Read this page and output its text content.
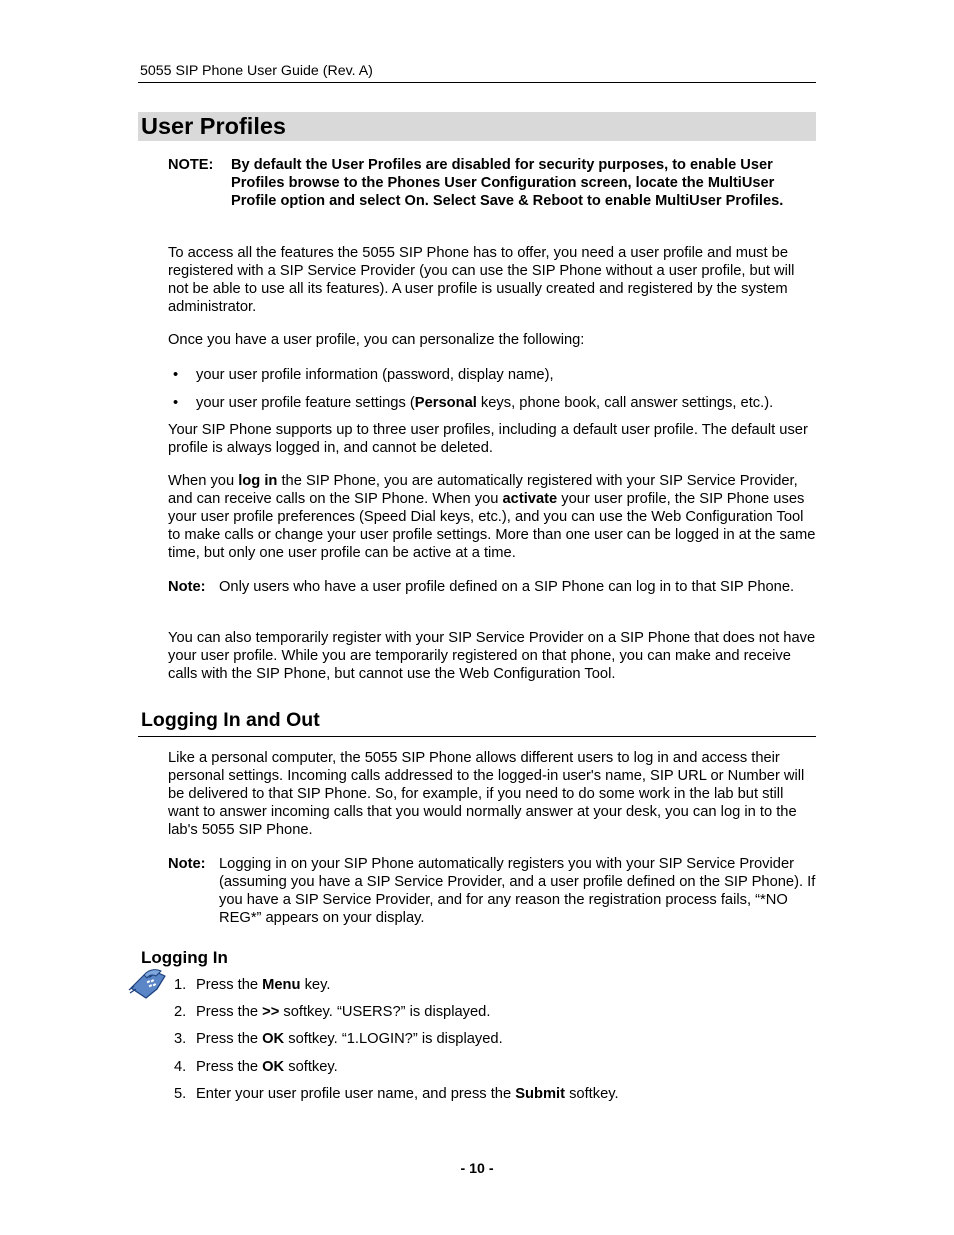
5055 SIP Phone User Guide (Rev. A)
User Profiles
NOTE: By default the User Profiles are disabled for security purposes, to enable User Profiles browse to the Phones User Configuration screen, locate the MultiUser Profile option and select On. Select Save & Reboot to enable MultiUser Profiles.
To access all the features the 5055 SIP Phone has to offer, you need a user profile and must be registered with a SIP Service Provider (you can use the SIP Phone without a user profile, but will not be able to use all its features). A user profile is usually created and registered by the system administrator.
Once you have a user profile, you can personalize the following:
• your user profile information (password, display name),
• your user profile feature settings (Personal keys, phone book, call answer settings, etc.).
Your SIP Phone supports up to three user profiles, including a default user profile. The default user profile is always logged in, and cannot be deleted.
When you log in the SIP Phone, you are automatically registered with your SIP Service Provider, and can receive calls on the SIP Phone. When you activate your user profile, the SIP Phone uses your user profile preferences (Speed Dial keys, etc.), and you can use the Web Configuration Tool to make calls or change your user profile settings. More than one user can be logged in at the same time, but only one user profile can be active at a time.
Note: Only users who have a user profile defined on a SIP Phone can log in to that SIP Phone.
You can also temporarily register with your SIP Service Provider on a SIP Phone that does not have your user profile. While you are temporarily registered on that phone, you can make and receive calls with the SIP Phone, but cannot use the Web Configuration Tool.
Logging In and Out
Like a personal computer, the 5055 SIP Phone allows different users to log in and access their personal settings. Incoming calls addressed to the logged-in user's name, SIP URL or Number will be delivered to that SIP Phone. So, for example, if you need to do some work in the lab but still want to answer incoming calls that you would normally answer at your desk, you can log in to the lab's 5055 SIP Phone.
Note: Logging in on your SIP Phone automatically registers you with your SIP Service Provider (assuming you have a SIP Service Provider, and a user profile defined on the SIP Phone). If you have a SIP Service Provider, and for any reason the registration process fails, “*NO REG*” appears on your display.
Logging In
1. Press the Menu key.
2. Press the >> softkey. “USERS?” is displayed.
3. Press the OK softkey. “1.LOGIN?” is displayed.
4. Press the OK softkey.
5. Enter your user profile user name, and press the Submit softkey.
- 10 -
